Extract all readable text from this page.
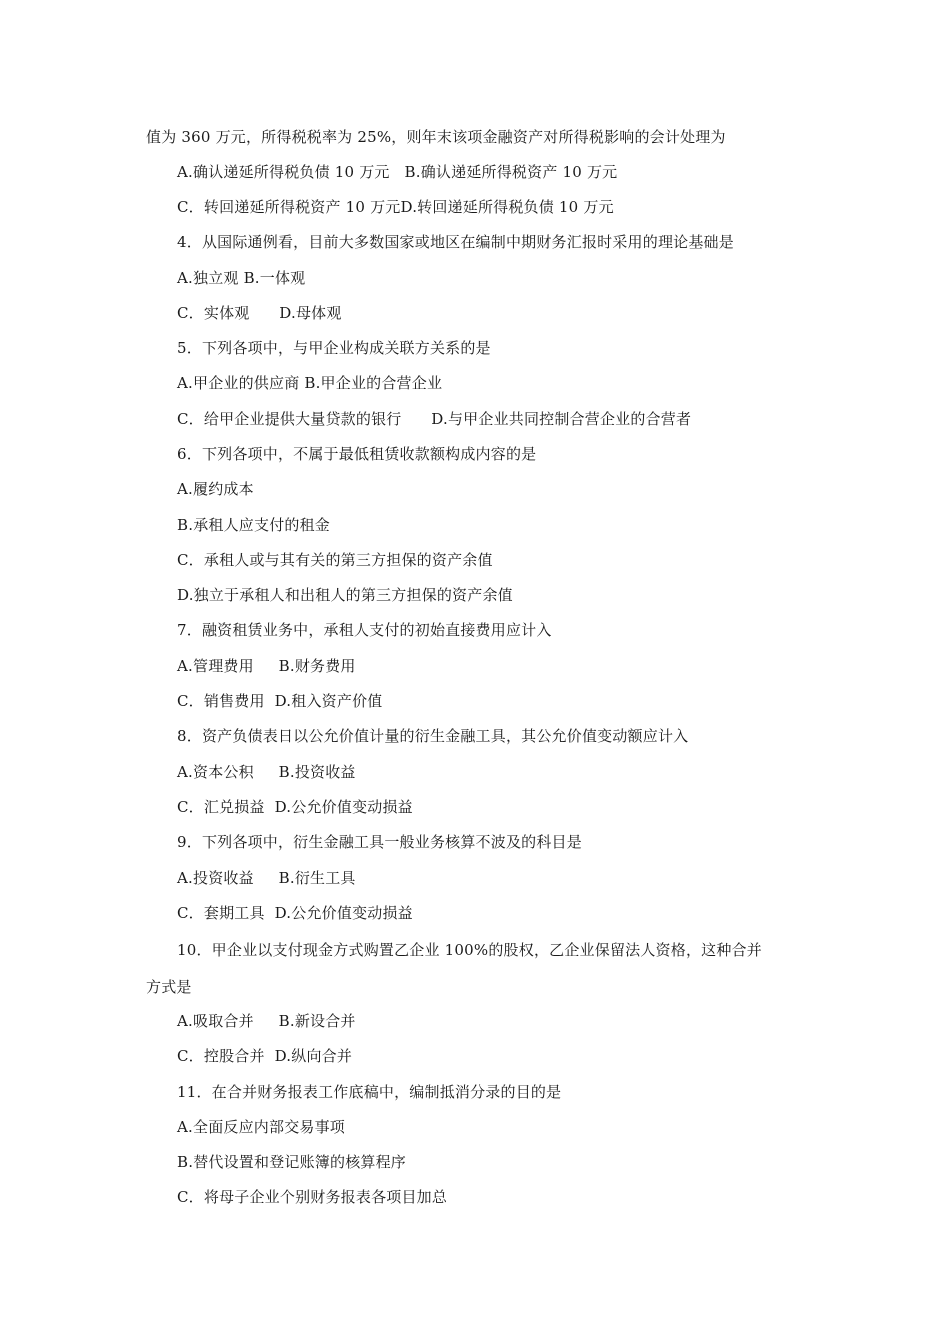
值为 360 万元，所得税税率为 25%，则年末该项金融资产对所得税影响的会计处理为
A.确认递延所得税负债 10 万元   B.确认递延所得税资产 10 万元
C．转回递延所得税资产 10 万元D.转回递延所得税负债 10 万元
4．从国际通例看，目前大多数国家或地区在编制中期财务汇报时采用的理论基础是
A.独立观 B.一体观
C．实体观      D.母体观
5．下列各项中，与甲企业构成关联方关系的是
A.甲企业的供应商 B.甲企业的合营企业
C．给甲企业提供大量贷款的银行      D.与甲企业共同控制合营企业的合营者
6．下列各项中，不属于最低租赁收款额构成内容的是
A.履约成本
B.承租人应支付的租金
C．承租人或与其有关的第三方担保的资产余值
D.独立于承租人和出租人的第三方担保的资产余值
7．融资租赁业务中，承租人支付的初始直接费用应计入
A.管理费用     B.财务费用
C．销售费用  D.租入资产价值
8．资产负债表日以公允价值计量的衍生金融工具，其公允价值变动额应计入
A.资本公积     B.投资收益
C．汇兑损益  D.公允价值变动损益
9．下列各项中，衍生金融工具一般业务核算不波及的科目是
A.投资收益     B.衍生工具
C．套期工具  D.公允价值变动损益
10．甲企业以支付现金方式购置乙企业 100%的股权，乙企业保留法人资格，这种合并
方式是
A.吸取合并     B.新设合并
C．控股合并  D.纵向合并
11．在合并财务报表工作底稿中，编制抵消分录的目的是
A.全面反应内部交易事项
B.替代设置和登记账簿的核算程序
C．将母子企业个别财务报表各项目加总
